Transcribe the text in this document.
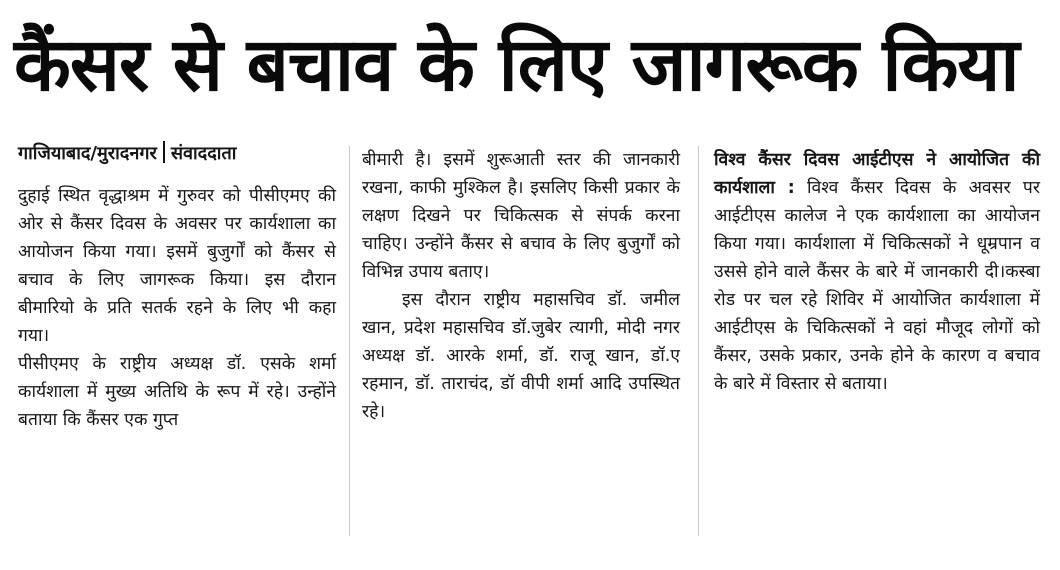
कैंसर से बचाव के लिए जागरूक किया

गाजियाबाद/मुरादनगर संवाददाता

दुहाई स्थित वृद्धाश्रम में गुरुवर को पीसीएमए की ओर से कैंसर दिवस के अवसर पर कार्यशाला का आयोजन किया गया। इसमें बुजुर्गों को कैंसर से बचाव के लिए जागरूक किया। इस दौरान बीमारियो के प्रति सतर्क रहने के लिए भी कहा गया।

पीसीएमए के राष्ट्रीय अध्यक्ष डॉ. एसके शर्मा कार्यशाला में मुख्य अतिथि के रूप में रहे। उन्होंने बताया कि कैंसर एक गुप्त

बीमारी है। इसमें शुरूआती स्तर की जानकारी रखना, काफी मुश्किल है। इसलिए किसी प्रकार के लक्षण दिखने पर चिकित्सक से संपर्क करना चाहिए। उन्होंने कैंसर से बचाव के लिए बुजुर्गों को विभिन्न उपाय बताए।

इस दौरान राष्ट्रीय महासचिव डॉ. जमील खान, प्रदेश महासचिव डॉ.जुबेर त्यागी, मोदी नगर अध्यक्ष डॉ. आरके शर्मा, डॉ. राजू खान, डॉ.ए रहमान, डॉ. ताराचंद, डॉ वीपी शर्मा आदि उपस्थित रहे।

विश्व कैंसर दिवस आईटीएस ने आयोजित की कार्यशाला : विश्व कैंसर दिवस के अवसर पर आईटीएस कालेज ने एक कार्यशाला का आयोजन किया गया। कार्यशाला में चिकित्सकों ने धूम्रपान व उससे होने वाले कैंसर के बारे में जानकारी दी।कस्बा रोड पर चल रहे शिविर में आयोजित कार्यशाला में आईटीएस के चिकित्सकों ने वहां मौजूद लोगों को कैंसर, उसके प्रकार, उनके होने के कारण व बचाव के बारे में विस्तार से बताया।
